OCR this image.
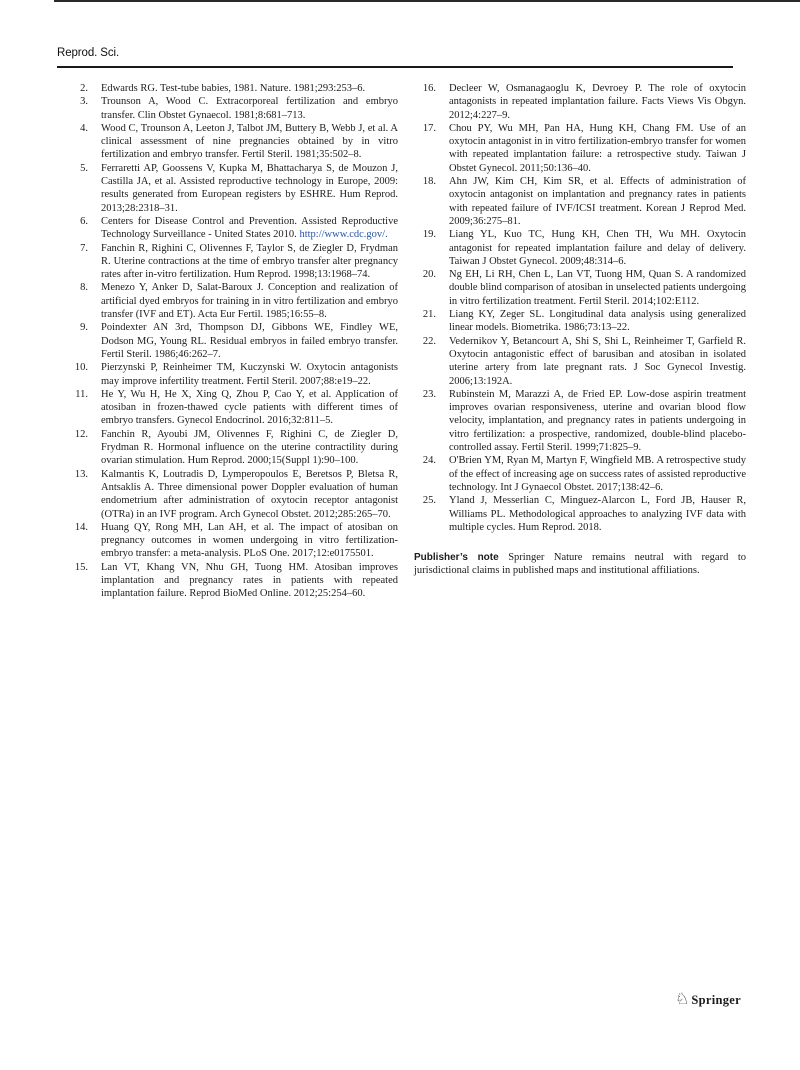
Reprod. Sci.
2. Edwards RG. Test-tube babies, 1981. Nature. 1981;293:253–6.
3. Trounson A, Wood C. Extracorporeal fertilization and embryo transfer. Clin Obstet Gynaecol. 1981;8:681–713.
4. Wood C, Trounson A, Leeton J, Talbot JM, Buttery B, Webb J, et al. A clinical assessment of nine pregnancies obtained by in vitro fertilization and embryo transfer. Fertil Steril. 1981;35:502–8.
5. Ferraretti AP, Goossens V, Kupka M, Bhattacharya S, de Mouzon J, Castilla JA, et al. Assisted reproductive technology in Europe, 2009: results generated from European registers by ESHRE. Hum Reprod. 2013;28:2318–31.
6. Centers for Disease Control and Prevention. Assisted Reproductive Technology Surveillance - United States 2010. http://www.cdc.gov/.
7. Fanchin R, Righini C, Olivennes F, Taylor S, de Ziegler D, Frydman R. Uterine contractions at the time of embryo transfer alter pregnancy rates after in-vitro fertilization. Hum Reprod. 1998;13:1968–74.
8. Menezo Y, Anker D, Salat-Baroux J. Conception and realization of artificial dyed embryos for training in in vitro fertilization and embryo transfer (IVF and ET). Acta Eur Fertil. 1985;16:55–8.
9. Poindexter AN 3rd, Thompson DJ, Gibbons WE, Findley WE, Dodson MG, Young RL. Residual embryos in failed embryo transfer. Fertil Steril. 1986;46:262–7.
10. Pierzynski P, Reinheimer TM, Kuczynski W. Oxytocin antagonists may improve infertility treatment. Fertil Steril. 2007;88:e19–22.
11. He Y, Wu H, He X, Xing Q, Zhou P, Cao Y, et al. Application of atosiban in frozen-thawed cycle patients with different times of embryo transfers. Gynecol Endocrinol. 2016;32:811–5.
12. Fanchin R, Ayoubi JM, Olivennes F, Righini C, de Ziegler D, Frydman R. Hormonal influence on the uterine contractility during ovarian stimulation. Hum Reprod. 2000;15(Suppl 1):90–100.
13. Kalmantis K, Loutradis D, Lymperopoulos E, Beretsos P, Bletsa R, Antsaklis A. Three dimensional power Doppler evaluation of human endometrium after administration of oxytocin receptor antagonist (OTRa) in an IVF program. Arch Gynecol Obstet. 2012;285:265–70.
14. Huang QY, Rong MH, Lan AH, et al. The impact of atosiban on pregnancy outcomes in women undergoing in vitro fertilization-embryo transfer: a meta-analysis. PLoS One. 2017;12:e0175501.
15. Lan VT, Khang VN, Nhu GH, Tuong HM. Atosiban improves implantation and pregnancy rates in patients with repeated implantation failure. Reprod BioMed Online. 2012;25:254–60.
16. Decleer W, Osmanagaoglu K, Devroey P. The role of oxytocin antagonists in repeated implantation failure. Facts Views Vis Obgyn. 2012;4:227–9.
17. Chou PY, Wu MH, Pan HA, Hung KH, Chang FM. Use of an oxytocin antagonist in in vitro fertilization-embryo transfer for women with repeated implantation failure: a retrospective study. Taiwan J Obstet Gynecol. 2011;50:136–40.
18. Ahn JW, Kim CH, Kim SR, et al. Effects of administration of oxytocin antagonist on implantation and pregnancy rates in patients with repeated failure of IVF/ICSI treatment. Korean J Reprod Med. 2009;36:275–81.
19. Liang YL, Kuo TC, Hung KH, Chen TH, Wu MH. Oxytocin antagonist for repeated implantation failure and delay of delivery. Taiwan J Obstet Gynecol. 2009;48:314–6.
20. Ng EH, Li RH, Chen L, Lan VT, Tuong HM, Quan S. A randomized double blind comparison of atosiban in unselected patients undergoing in vitro fertilization treatment. Fertil Steril. 2014;102:E112.
21. Liang KY, Zeger SL. Longitudinal data analysis using generalized linear models. Biometrika. 1986;73:13–22.
22. Vedernikov Y, Betancourt A, Shi S, Shi L, Reinheimer T, Garfield R. Oxytocin antagonistic effect of barusiban and atosiban in isolated uterine artery from late pregnant rats. J Soc Gynecol Investig. 2006;13:192A.
23. Rubinstein M, Marazzi A, de Fried EP. Low-dose aspirin treatment improves ovarian responsiveness, uterine and ovarian blood flow velocity, implantation, and pregnancy rates in patients undergoing in vitro fertilization: a prospective, randomized, double-blind placebo-controlled assay. Fertil Steril. 1999;71:825–9.
24. O'Brien YM, Ryan M, Martyn F, Wingfield MB. A retrospective study of the effect of increasing age on success rates of assisted reproductive technology. Int J Gynaecol Obstet. 2017;138:42–6.
25. Yland J, Messerlian C, Minguez-Alarcon L, Ford JB, Hauser R, Williams PL. Methodological approaches to analyzing IVF data with multiple cycles. Hum Reprod. 2018.

Publisher’s note Springer Nature remains neutral with regard to jurisdictional claims in published maps and institutional affiliations.

♘ Springer
